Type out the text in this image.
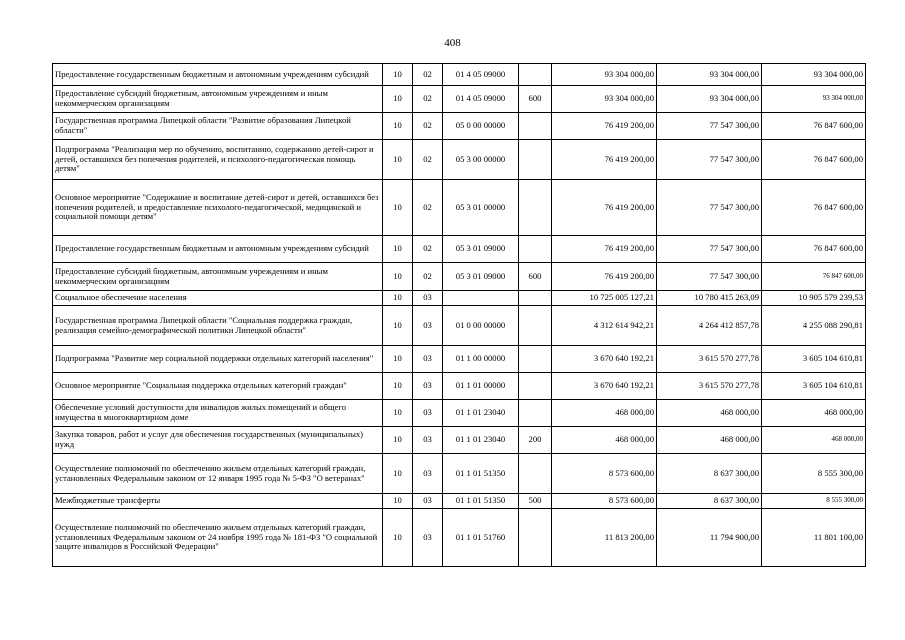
408
Предоставление государственным бюджетным и автономным учреждениям субсидий	10	02	01 4 05 09000		93 304 000,00	93 304 000,00	93 304 000,00
Предоставление субсидий бюджетным, автономным учреждениям и иным некоммерческим организациям	10	02	01 4 05 09000	600	93 304 000,00	93 304 000,00	93 304 000,00
Государственная программа Липецкой области "Развитие образования Липецкой области"	10	02	05 0 00 00000		76 419 200,00	77 547 300,00	76 847 600,00
Подпрограмма "Реализация мер по обучению, воспитанию, содержанию детей-сирот и детей, оставшихся без попечения родителей, и психолого-педагогическая помощь детям"	10	02	05 3 00 00000		76 419 200,00	77 547 300,00	76 847 600,00
Основное мероприятие "Содержание и воспитание детей-сирот и детей, оставшихся без попечения родителей, и предоставление психолого-педагогической, медицинской и социальной помощи детям"	10	02	05 3 01 00000		76 419 200,00	77 547 300,00	76 847 600,00
Предоставление государственным бюджетным и автономным учреждениям субсидий	10	02	05 3 01 09000		76 419 200,00	77 547 300,00	76 847 600,00
Предоставление субсидий бюджетным, автономным учреждениям и иным некоммерческим организациям	10	02	05 3 01 09000	600	76 419 200,00	77 547 300,00	76 847 600,00
Социальное обеспечение населения	10	03			10 725 005 127,21	10 780 415 263,09	10 905 579 239,53
Государственная программа Липецкой области "Социальная поддержка граждан, реализация семейно-демографической политики Липецкой области"	10	03	01 0 00 00000		4 312 614 942,21	4 264 412 857,78	4 255 088 290,81
Подпрограмма "Развитие мер социальной поддержки отдельных категорий населения"	10	03	01 1 00 00000		3 670 640 192,21	3 615 570 277,78	3 605 104 610,81
Основное мероприятие "Социальная поддержка отдельных категорий граждан"	10	03	01 1 01 00000		3 670 640 192,21	3 615 570 277,78	3 605 104 610,81
Обеспечение условий доступности для инвалидов жилых помещений и общего имущества в многоквартирном доме	10	03	01 1 01 23040		468 000,00	468 000,00	468 000,00
Закупка товаров, работ и услуг для обеспечения государственных (муниципальных) нужд	10	03	01 1 01 23040	200	468 000,00	468 000,00	468 000,00
Осуществление полномочий по обеспечению жильем отдельных категорий граждан, установленных Федеральным законом от 12 января 1995 года № 5-ФЗ "О ветеранах"	10	03	01 1 01 51350		8 573 600,00	8 637 300,00	8 555 300,00
Межбюджетные трансферты	10	03	01 1 01 51350	500	8 573 600,00	8 637 300,00	8 555 300,00
Осуществление полномочий по обеспечению жильем отдельных категорий граждан, установленных Федеральным законом от 24 ноября 1995 года № 181-ФЗ "О социальной защите инвалидов в Российской Федерации"	10	03	01 1 01 51760		11 813 200,00	11 794 900,00	11 801 100,00
